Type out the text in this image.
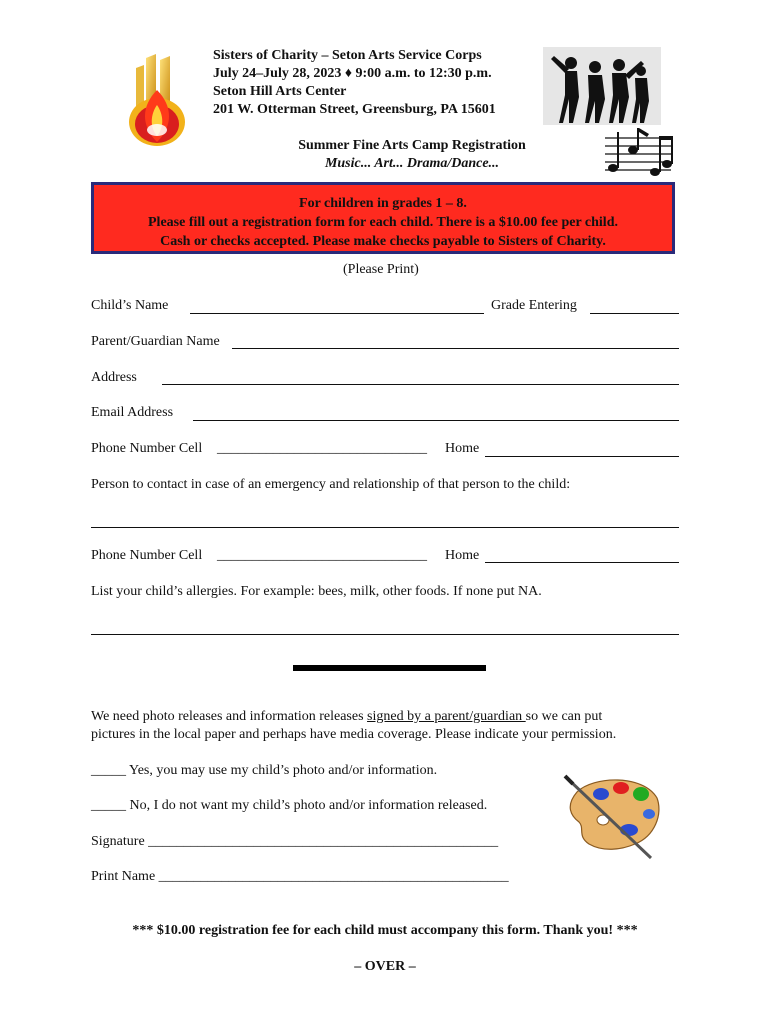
Sisters of Charity – Seton Arts Service Corps
July 24–July 28, 2023 ♦ 9:00 a.m. to 12:30 p.m.
Seton Hill Arts Center
201 W. Otterman Street, Greensburg, PA 15601
Summer Fine Arts Camp Registration
Music... Art... Drama/Dance...
For children in grades 1 – 8.
Please fill out a registration form for each child. There is a $10.00 fee per child.
Cash or checks accepted. Please make checks payable to Sisters of Charity.
(Please Print)
Child’s Name	Grade Entering
Parent/Guardian Name
Address
Email Address
Phone Number Cell ______________________________ Home
Person to contact in case of an emergency and relationship of that person to the child:
Phone Number Cell ______________________________ Home
List your child’s allergies. For example: bees, milk, other foods. If none put NA.
We need photo releases and information releases signed by a parent/guardian so we can put
pictures in the local paper and perhaps have media coverage. Please indicate your permission.
_____ Yes, you may use my child’s photo and/or information.
_____ No, I do not want my child’s photo and/or information released.
Signature __________________________________________________
Print Name __________________________________________________
*** $10.00 registration fee for each child must accompany this form. Thank you! ***
– OVER –
